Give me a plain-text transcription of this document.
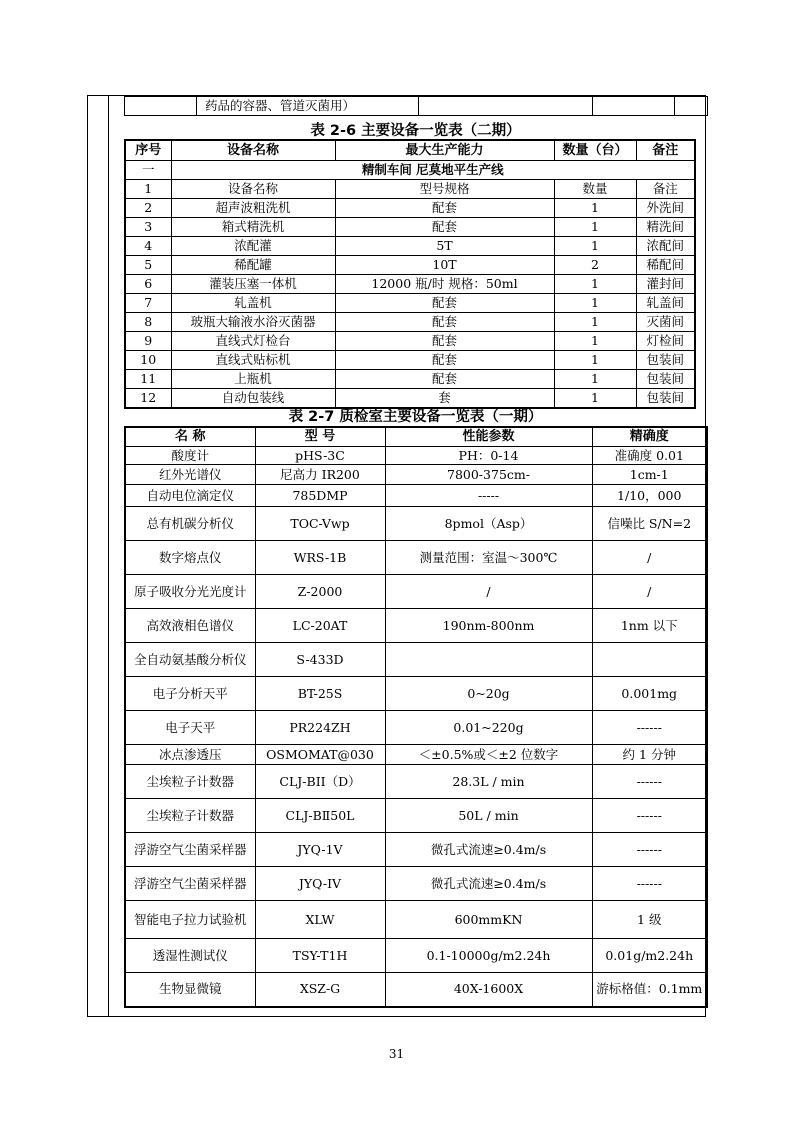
	药品的容器、管道灭菌用）			
表 2-6 主要设备一览表（二期）
序号	设备名称	最大生产能力	数量（台）	备注
一	精制车间 尼莫地平生产线			
1	设备名称	型号规格	数量	备注
2	超声波粗洗机	配套	1	外洗间
3	箱式精洗机	配套	1	精洗间
4	浓配灌	5T	1	浓配间
5	稀配罐	10T	2	稀配间
6	灌装压塞一体机	12000 瓶/时 规格：50ml	1	灌封间
7	轧盖机	配套	1	轧盖间
8	玻瓶大输液水浴灭菌器	配套	1	灭菌间
9	直线式灯检台	配套	1	灯检间
10	直线式贴标机	配套	1	包装间
11	上瓶机	配套	1	包装间
12	自动包装线	套	1	包装间
表 2-7 质检室主要设备一览表（一期）
名 称	型 号	性能参数	精确度
酸度计	pHS-3C	PH：0-14	准确度 0.01
红外光谱仪	尼高力 IR200	7800-375cm-	1cm-1
自动电位滴定仪	785DMP	-----	1/10，000
总有机碳分析仪	TOC-Vwp	8pmol（Asp）	信噪比 S/N=2
数字熔点仪	WRS-1B	测量范围：室温～300℃	/
原子吸收分光光度计	Z-2000	/	/
高效液相色谱仪	LC-20AT	190nm-800nm	1nm 以下
全自动氨基酸分析仪	S-433D		
电子分析天平	BT-25S	0~20g	0.001mg
电子天平	PR224ZH	0.01~220g	------
冰点渗透压	OSMOMAT@030	＜±0.5%或＜±2 位数字	约 1 分钟
尘埃粒子计数器	CLJ-BII（D）	28.3L / min	------
尘埃粒子计数器	CLJ-BⅡ50L	50L / min	------
浮游空气尘菌采样器	JYQ-1V	微孔式流速≥0.4m/s	------
浮游空气尘菌采样器	JYQ-IV	微孔式流速≥0.4m/s	------
智能电子拉力试验机	XLW	600mmKN	1 级
透湿性测试仪	TSY-T1H	0.1-10000g/m2.24h	0.01g/m2.24h
生物显微镜	XSZ-G	40X-1600X	游标格值：0.1mm
31
